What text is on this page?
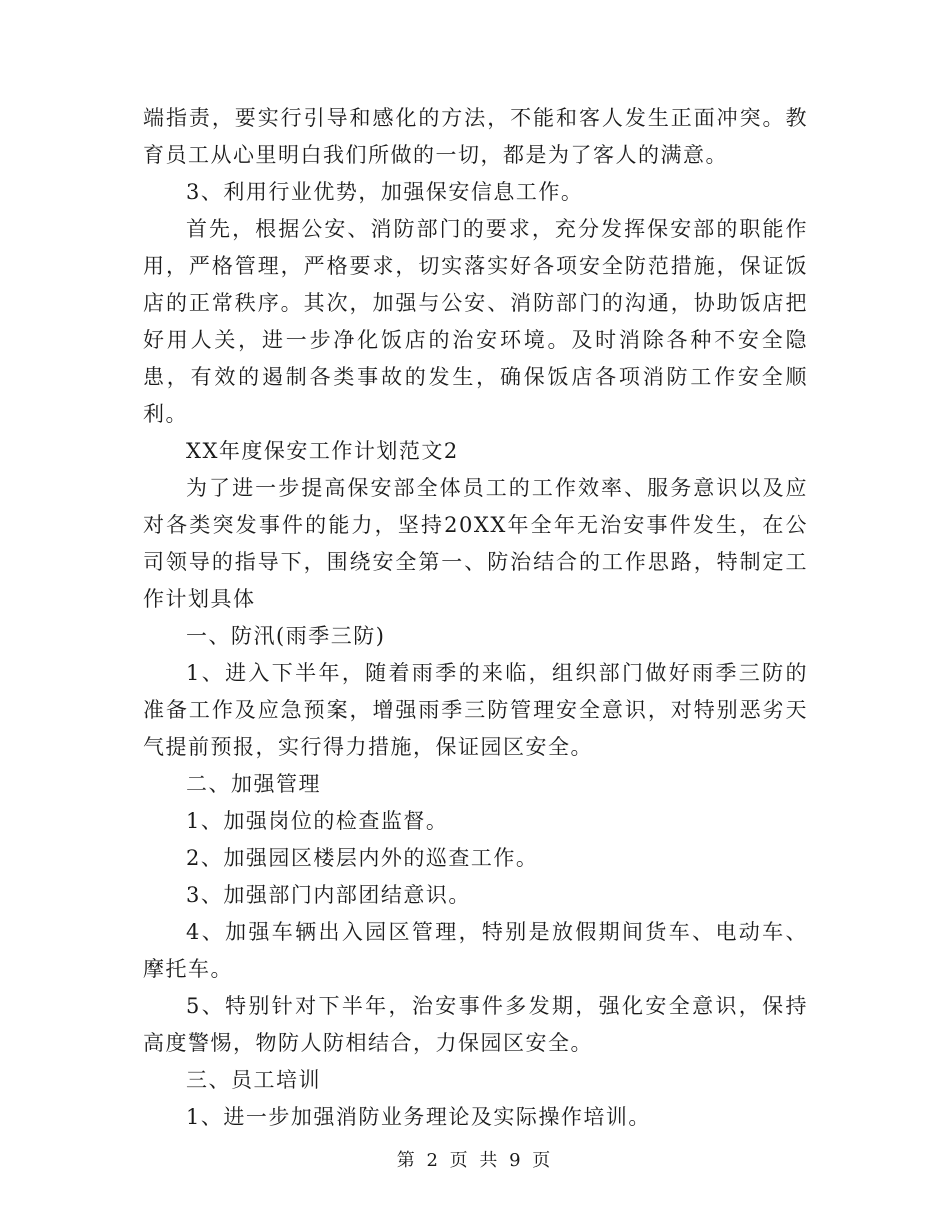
端指责，要实行引导和感化的方法，不能和客人发生正面冲突。教育员工从心里明白我们所做的一切，都是为了客人的满意。

3、利用行业优势，加强保安信息工作。

首先，根据公安、消防部门的要求，充分发挥保安部的职能作用，严格管理，严格要求，切实落实好各项安全防范措施，保证饭店的正常秩序。其次，加强与公安、消防部门的沟通，协助饭店把好用人关，进一步净化饭店的治安环境。及时消除各种不安全隐患，有效的遏制各类事故的发生，确保饭店各项消防工作安全顺利。

XX年度保安工作计划范文2

为了进一步提高保安部全体员工的工作效率、服务意识以及应对各类突发事件的能力，坚持20XX年全年无治安事件发生，在公司领导的指导下，围绕安全第一、防治结合的工作思路，特制定工作计划具体

一、防汛(雨季三防)

1、进入下半年，随着雨季的来临，组织部门做好雨季三防的准备工作及应急预案，增强雨季三防管理安全意识，对特别恶劣天气提前预报，实行得力措施，保证园区安全。

二、加强管理

1、加强岗位的检查监督。

2、加强园区楼层内外的巡查工作。

3、加强部门内部团结意识。

4、加强车辆出入园区管理，特别是放假期间货车、电动车、摩托车。

5、特别针对下半年，治安事件多发期，强化安全意识，保持高度警惕，物防人防相结合，力保园区安全。

三、员工培训

1、进一步加强消防业务理论及实际操作培训。

第 2 页 共 9 页
